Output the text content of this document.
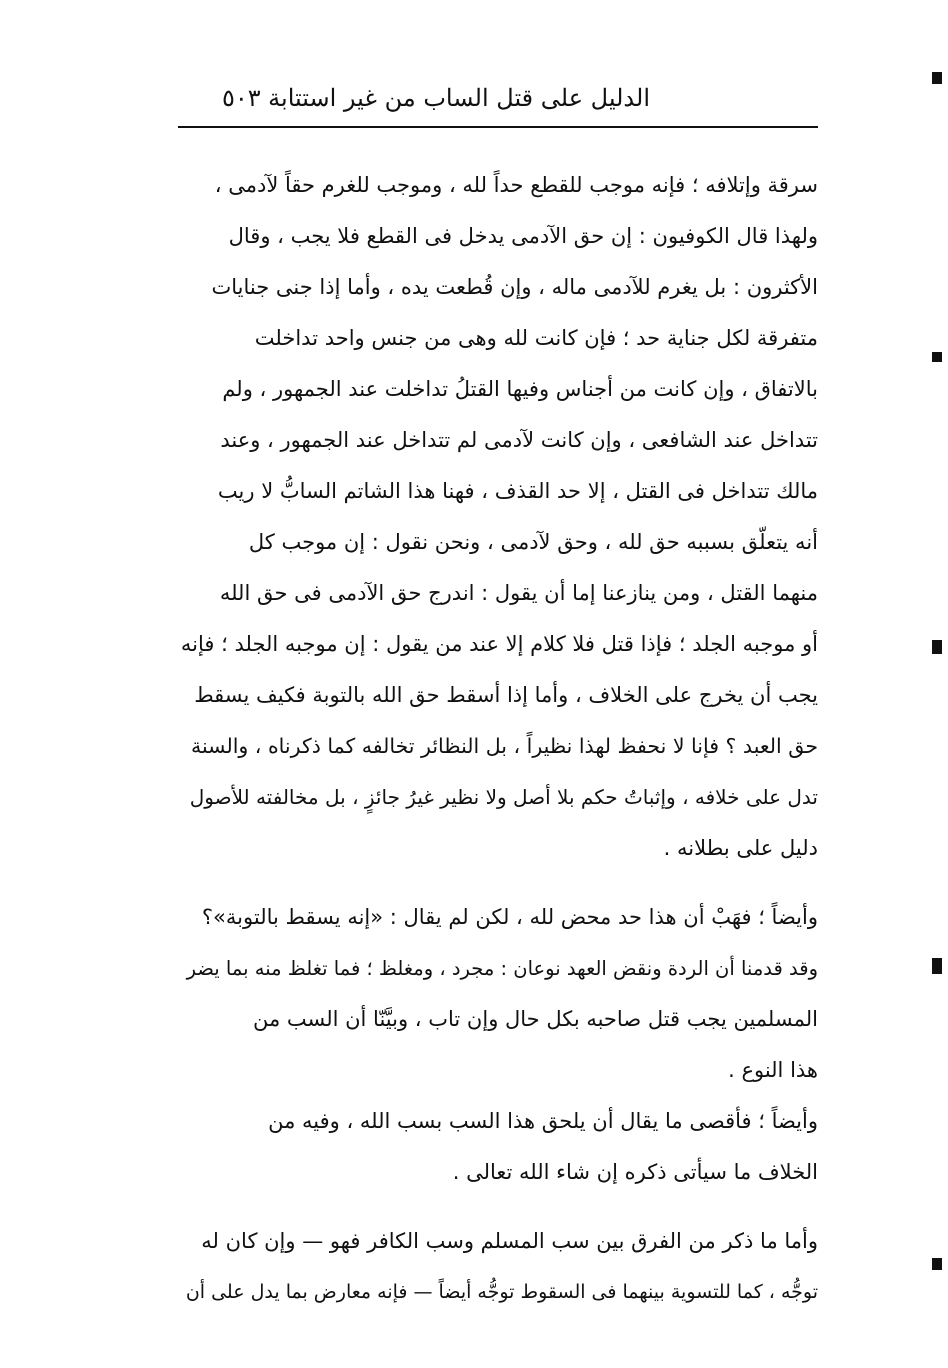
الدليل على قتل الساب من غير استتابة
٥٠٣

سرقة وإتلافه ؛ فإنه موجب للقطع حداً لله ، وموجب للغرم حقاً لآدمى ،
ولهذا قال الكوفيون : إن حق الآدمى يدخل فى القطع فلا يجب ، وقال
الأكثرون : بل يغرم للآدمى ماله ، وإن قُطعت يده ، وأما إذا جنى جنايات
متفرقة لكل جناية حد ؛ فإن كانت لله وهى من جنس واحد تداخلت
بالاتفاق ، وإن كانت من أجناس وفيها القتلُ تداخلت عند الجمهور ، ولم
تتداخل عند الشافعى ، وإن كانت لآدمى لم تتداخل عند الجمهور ، وعند
مالك تتداخل فى القتل ، إلا حد القذف ، فهنا هذا الشاتم السابُّ لا ريب
أنه يتعلّق بسببه حق لله ، وحق لآدمى ، ونحن نقول : إن موجب كل
منهما القتل ، ومن ينازعنا إما أن يقول : اندرج حق الآدمى فى حق الله
أو موجبه الجلد ؛ فإذا قتل فلا كلام إلا عند من يقول : إن موجبه الجلد ؛ فإنه
يجب أن يخرج على الخلاف ، وأما إذا أسقط حق الله بالتوبة فكيف يسقط
حق العبد ؟ فإنا لا نحفظ لهذا نظيراً ، بل النظائر تخالفه كما ذكرناه ، والسنة
تدل على خلافه ، وإثباتُ حكم بلا أصل ولا نظير غيرُ جائزٍ ، بل مخالفته للأصول
دليل على بطلانه .

وأيضاً ؛ فهَبْ أن هذا حد محض لله ، لكن لم يقال : «إنه يسقط بالتوبة»؟
وقد قدمنا أن الردة ونقض العهد نوعان : مجرد ، ومغلظ ؛ فما تغلظ منه بما يضر
المسلمين يجب قتل صاحبه بكل حال وإن تاب ، وبيَّنّا أن السب من
هذا النوع .

وأيضاً ؛ فأقصى ما يقال أن يلحق هذا السب بسب الله ، وفيه من
الخلاف ما سيأتى ذكره إن شاء الله تعالى .

وأما ما ذكر من الفرق بين سب المسلم وسب الكافر فهو — وإن كان له
توجُّه ، كما للتسوية بينهما فى السقوط توجُّه أيضاً — فإنه معارض بما يدل على أن
